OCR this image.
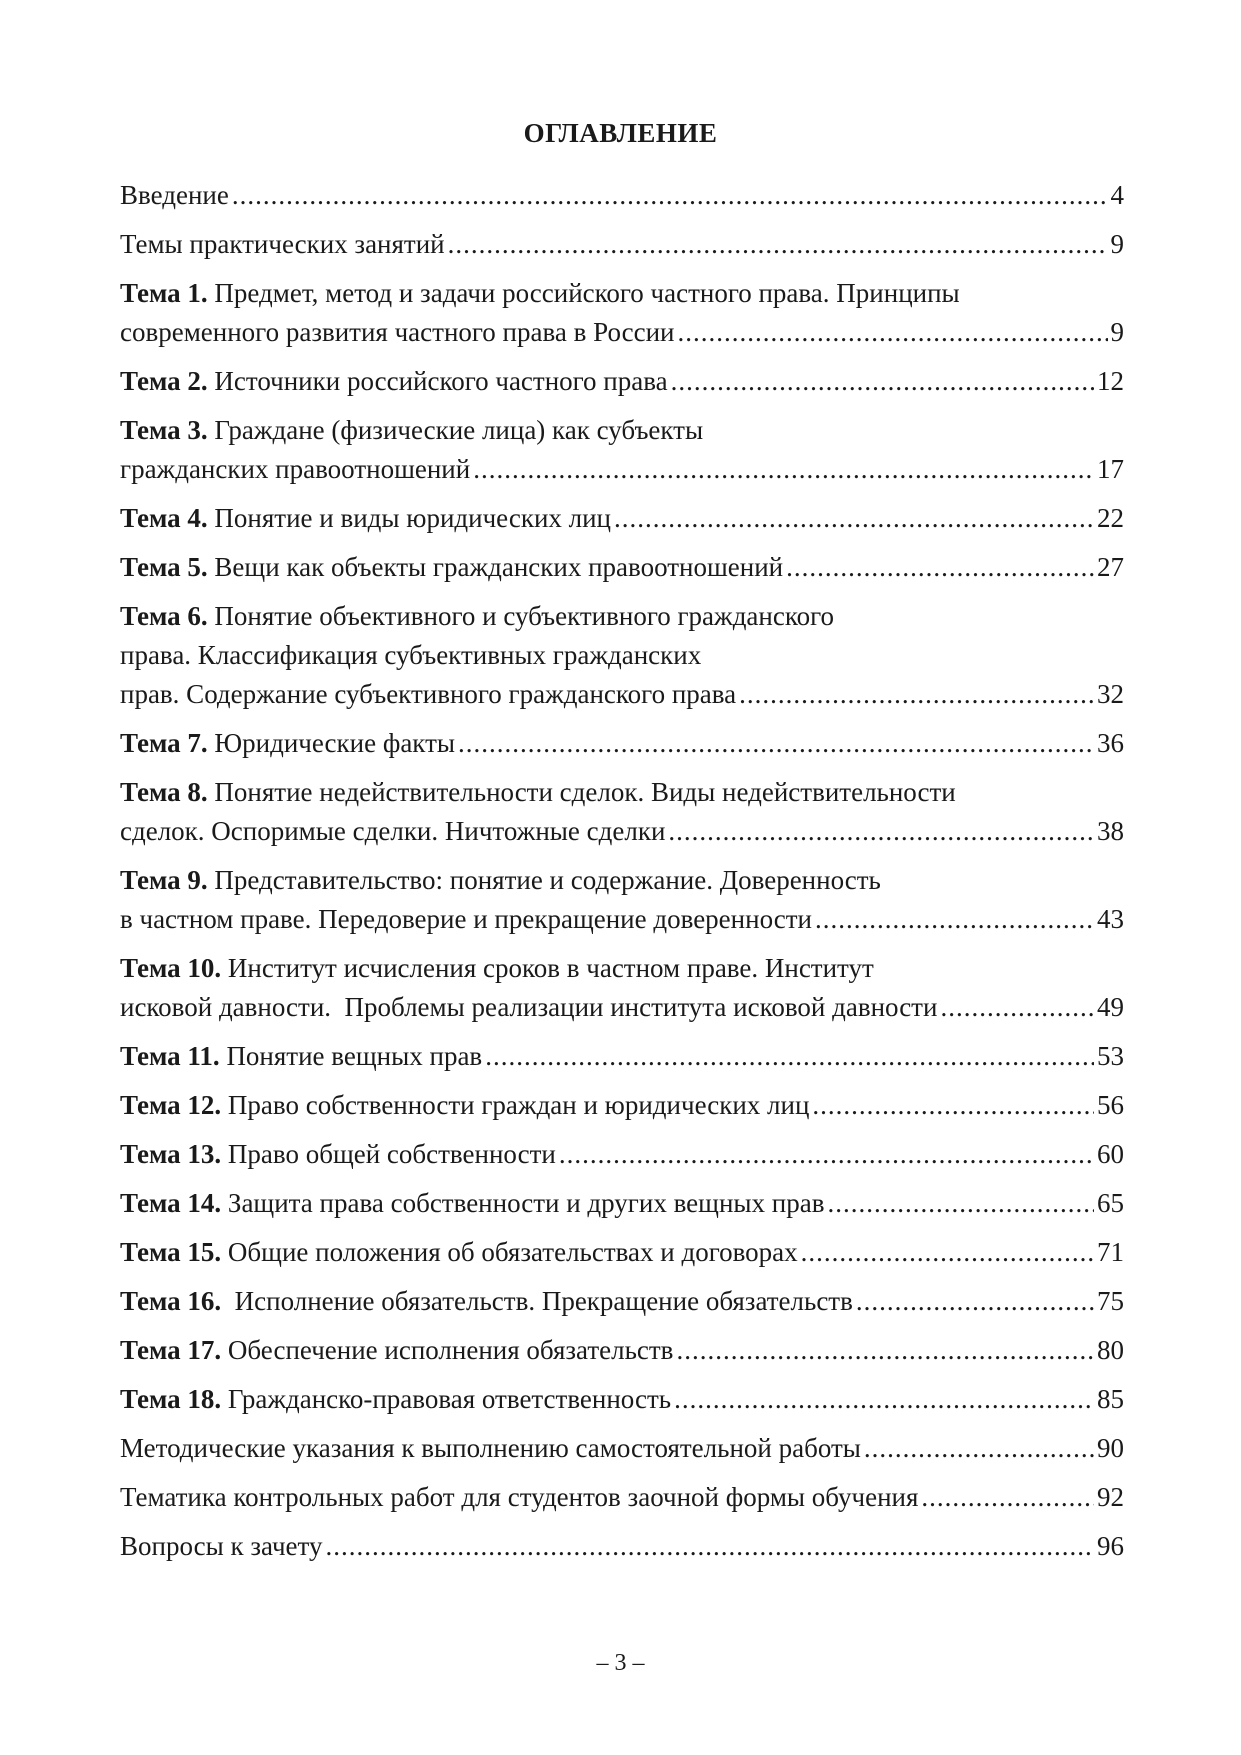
ОГЛАВЛЕНИЕ
Введение .....	4
Темы практических занятий .....	9
Тема 1. Предмет, метод и задачи российского частного права. Принципы
современного развития частного права в России .....	9
Тема 2. Источники российского частного права .....	12
Тема 3. Граждане (физические лица) как субъекты
гражданских правоотношений .....	17
Тема 4. Понятие и виды юридических лиц .....	22
Тема 5. Вещи как объекты гражданских правоотношений .....	27
Тема 6. Понятие объективного и субъективного гражданского
права. Классификация субъективных гражданских
прав. Содержание субъективного гражданского права .....	32
Тема 7. Юридические факты .....	36
Тема 8. Понятие недействительности сделок. Виды недействительности
сделок. Оспоримые сделки. Ничтожные сделки .....	38
Тема 9. Представительство: понятие и содержание. Доверенность
в частном праве. Передоверие и прекращение доверенности .....	43
Тема 10. Институт исчисления сроков в частном праве. Институт
исковой давности.  Проблемы реализации института исковой давности .....	49
Тема 11. Понятие вещных прав .....	53
Тема 12. Право собственности граждан и юридических лиц .....	56
Тема 13. Право общей собственности .....	60
Тема 14. Защита права собственности и других вещных прав .....	65
Тема 15. Общие положения об обязательствах и договорах .....	71
Тема 16.  Исполнение обязательств. Прекращение обязательств .....	75
Тема 17. Обеспечение исполнения обязательств .....	80
Тема 18. Гражданско-правовая ответственность .....	85
Методические указания к выполнению самостоятельной работы .....	90
Тематика контрольных работ для студентов заочной формы обучения .....	92
Вопросы к зачету .....	96
– 3 –
